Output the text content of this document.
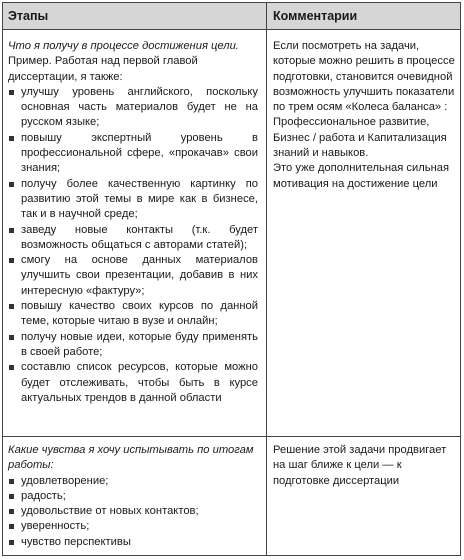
Этапы	Комментарии

Что я получу в процессе достижения цели.

Пример. Работая над первой главой диссертации, я также:

улучшу уровень английского, поскольку основная часть материалов будет не на русском языке;
повышу экспертный уровень в профессиональной сфере, «прокачав» свои знания;
получу более качественную картинку по развитию этой темы в мире как в бизнесе, так и в научной среде;
заведу новые контакты (т.к. будет возможность общаться с авторами статей);
смогу на основе данных материалов улучшить свои презентации, добавив в них интересную «фактуру»;
повышу качество своих курсов по данной теме, которые читаю в вузе и онлайн;
получу новые идеи, которые буду применять в своей работе;
составлю список ресурсов, которые можно будет отслеживать, чтобы быть в курсе актуальных трендов в данной области

Если посмотреть на задачи, которые можно решить в процессе подготовки, становится очевидной возможность улучшить показатели по трем осям «Колеса баланса» : Профессиональное развитие, Бизнес / работа и Капитализация знаний и навыков.

Это уже дополнительная сильная мотивация на достижение цели

Какие чувства я хочу испытывать по итогам работы:

удовлетворение;
радость;
удовольствие от новых контактов;
уверенность;
чувство перспективы

Решение этой задачи продвигает на шаг ближе к цели — к подготовке диссертации
